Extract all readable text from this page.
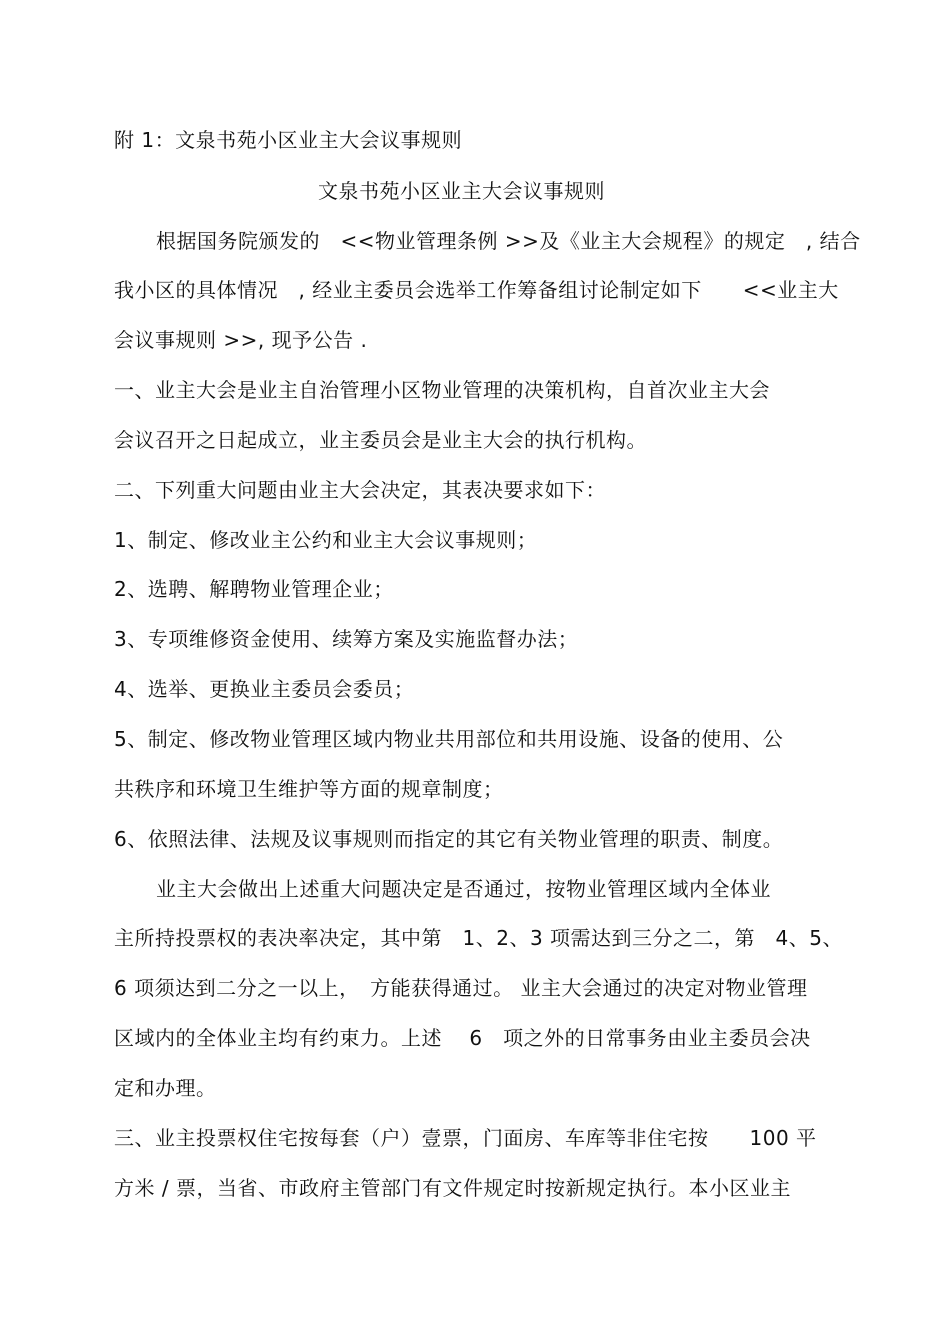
附 1：文泉书苑小区业主大会议事规则
文泉书苑小区业主大会议事规则
根据国务院颁发的　<<物业管理条例 >>及《业主大会规程》的规定　, 结合
我小区的具体情况　, 经业主委员会选举工作筹备组讨论制定如下　　<<业主大
会议事规则 >>, 现予公告 .
一、业主大会是业主自治管理小区物业管理的决策机构，自首次业主大会
会议召开之日起成立，业主委员会是业主大会的执行机构。
二、下列重大问题由业主大会决定，其表决要求如下：
1、制定、修改业主公约和业主大会议事规则；
2、选聘、解聘物业管理企业；
3、专项维修资金使用、续筹方案及实施监督办法；
4、选举、更换业主委员会委员；
5、制定、修改物业管理区域内物业共用部位和共用设施、设备的使用、公
共秩序和环境卫生维护等方面的规章制度；
6、依照法律、法规及议事规则而指定的其它有关物业管理的职责、制度。
业主大会做出上述重大问题决定是否通过，按物业管理区域内全体业
主所持投票权的表决率决定，其中第　1、2、3 项需达到三分之二，第　4、5、
6 项须达到二分之一以上，　方能获得通过。 业主大会通过的决定对物业管理
区域内的全体业主均有约束力。上述　 6　项之外的日常事务由业主委员会决
定和办理。
三、业主投票权住宅按每套（户）壹票，门面房、车库等非住宅按　　100 平
方米 / 票，当省、市政府主管部门有文件规定时按新规定执行。本小区业主
